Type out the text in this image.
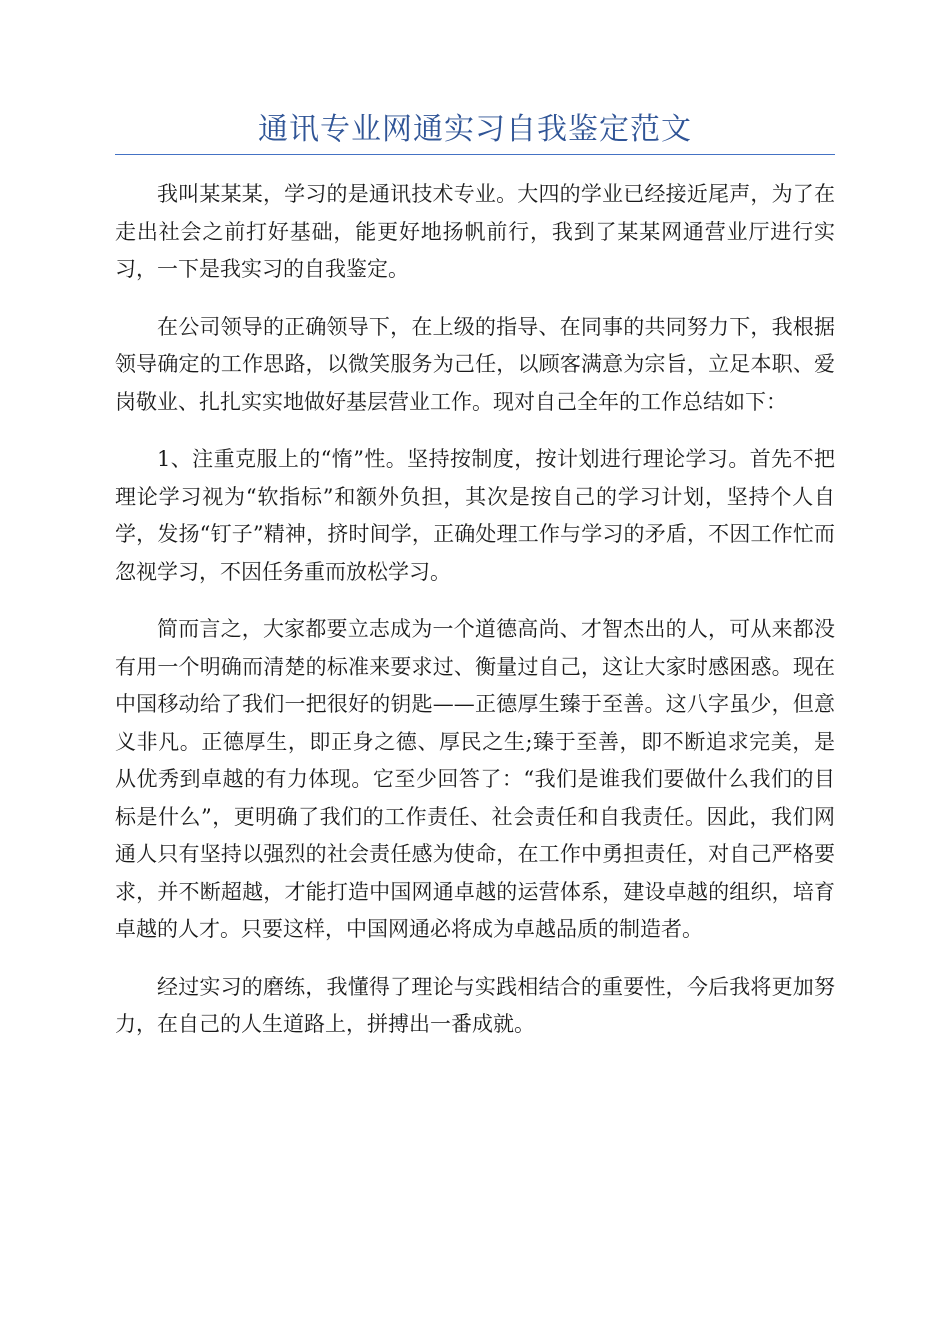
通讯专业网通实习自我鉴定范文

我叫某某某，学习的是通讯技术专业。大四的学业已经接近尾声，为了在走出社会之前打好基础，能更好地扬帆前行，我到了某某网通营业厅进行实习，一下是我实习的自我鉴定。

在公司领导的正确领导下，在上级的指导、在同事的共同努力下，我根据领导确定的工作思路，以微笑服务为己任，以顾客满意为宗旨，立足本职、爱岗敬业、扎扎实实地做好基层营业工作。现对自己全年的工作总结如下：

1、注重克服上的“惰”性。坚持按制度，按计划进行理论学习。首先不把理论学习视为“软指标”和额外负担，其次是按自己的学习计划，坚持个人自学，发扬“钉子”精神，挤时间学，正确处理工作与学习的矛盾，不因工作忙而忽视学习，不因任务重而放松学习。

简而言之，大家都要立志成为一个道德高尚、才智杰出的人，可从来都没有用一个明确而清楚的标准来要求过、衡量过自己，这让大家时感困惑。现在中国移动给了我们一把很好的钥匙——正德厚生臻于至善。这八字虽少，但意义非凡。正德厚生，即正身之德、厚民之生;臻于至善，即不断追求完美，是从优秀到卓越的有力体现。它至少回答了：“我们是谁我们要做什么我们的目标是什么”，更明确了我们的工作责任、社会责任和自我责任。因此，我们网通人只有坚持以强烈的社会责任感为使命，在工作中勇担责任，对自己严格要求，并不断超越，才能打造中国网通卓越的运营体系，建设卓越的组织，培育卓越的人才。只要这样，中国网通必将成为卓越品质的制造者。

经过实习的磨练，我懂得了理论与实践相结合的重要性，今后我将更加努力，在自己的人生道路上，拼搏出一番成就。
